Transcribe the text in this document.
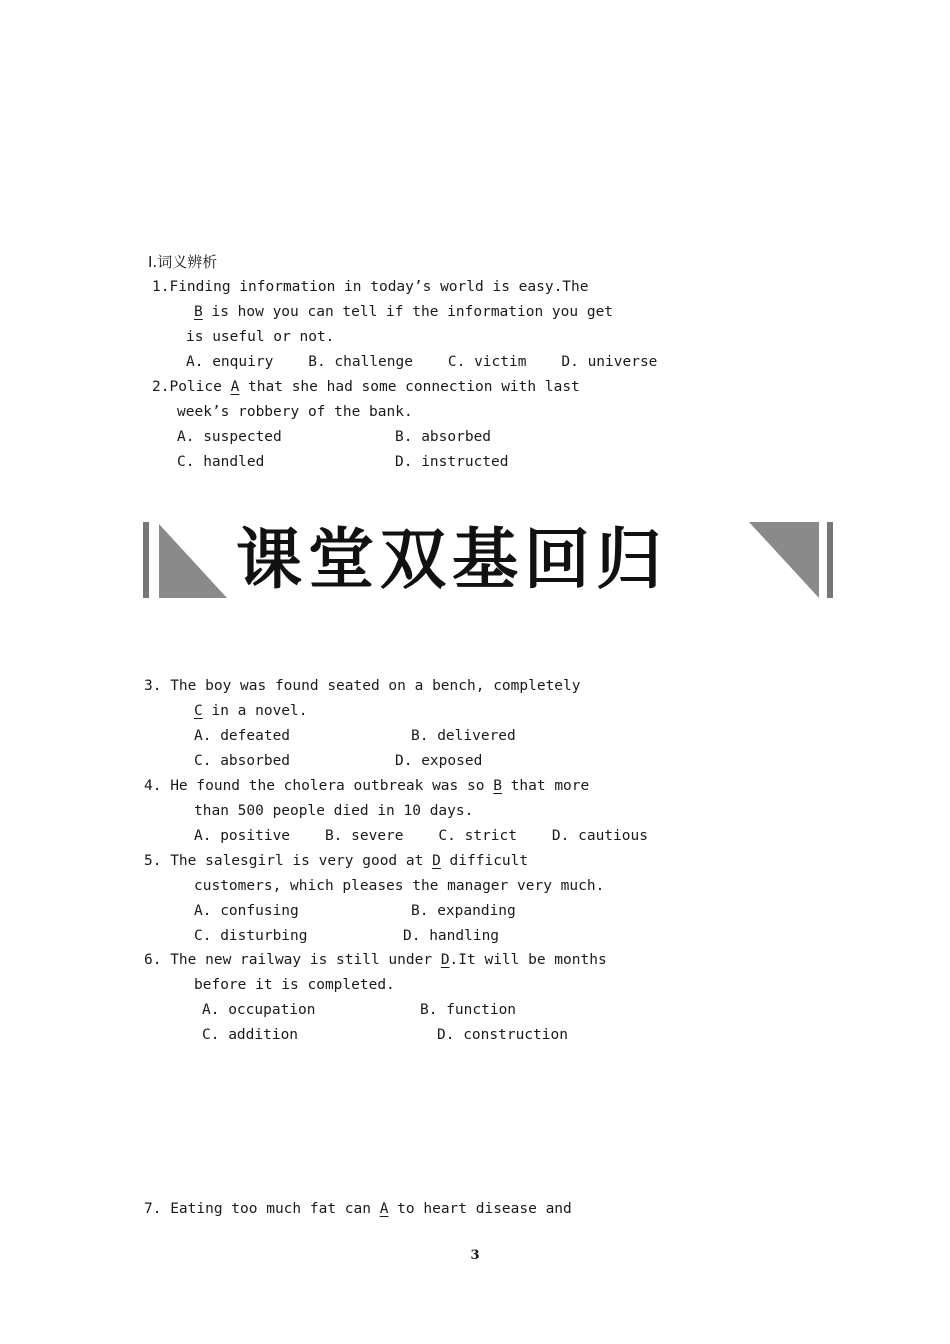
Ⅰ.词义辨析
1.Finding information in today’s world is easy.The
B is how you can tell if the information you get
is useful or not.
A. enquiry    B. challenge    C. victim    D. universe
2.Police A that she had some connection with last
week’s robbery of the bank.
A. suspected	B. absorbed
C. handled	D. instructed
课堂双基回归
3. The boy was found seated on a bench, completely
C in a novel.
A. defeated	B. delivered
C. absorbed	D. exposed
4. He found the cholera outbreak was so B that more
than 500 people died in 10 days.
A. positive    B. severe    C. strict    D. cautious
5. The salesgirl is very good at D difficult
customers, which pleases the manager very much.
A. confusing	B. expanding
C. disturbing	D. handling
6. The new railway is still under D.It will be months
before it is completed.
A. occupation	B. function
C. addition	D. construction
7. Eating too much fat can A to heart disease and
3
